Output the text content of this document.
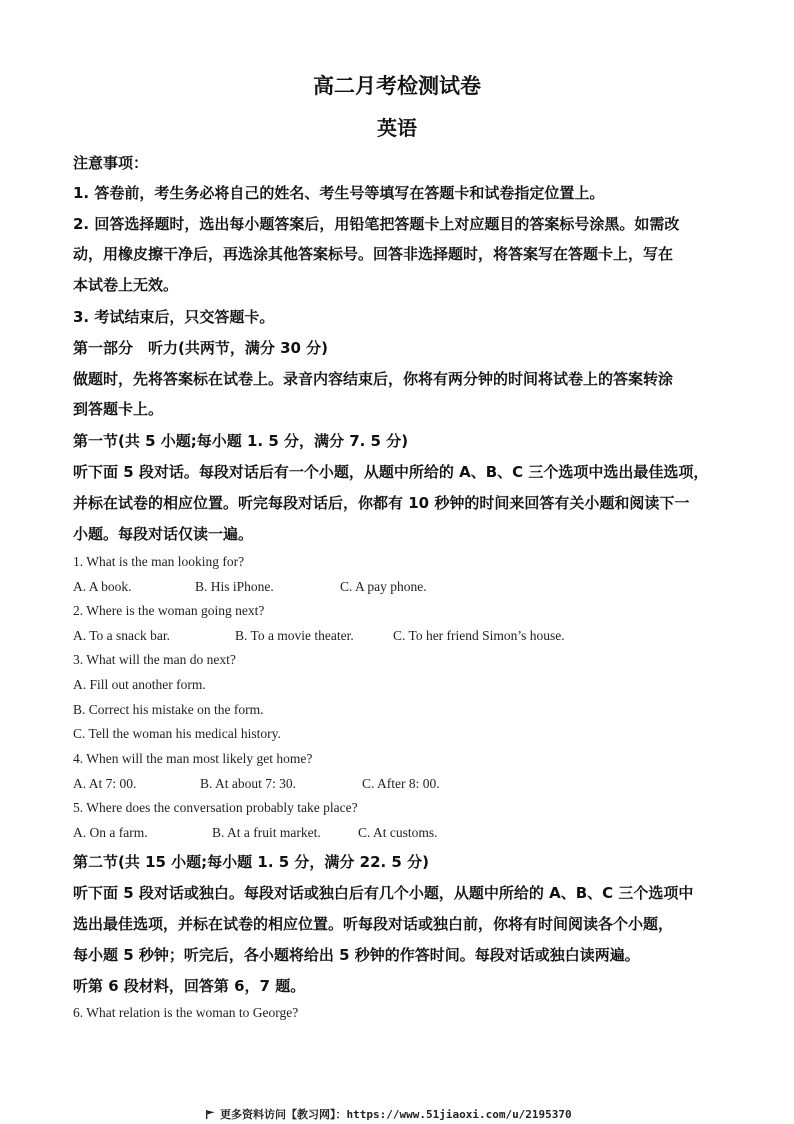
高二月考检测试卷
英语
注意事项：
1. 答卷前，考生务必将自己的姓名、考生号等填写在答题卡和试卷指定位置上。
2. 回答选择题时，选出每小题答案后，用铅笔把答题卡上对应题目的答案标号涂黑。如需改
动，用橡皮擦干净后，再选涂其他答案标号。回答非选择题时，将答案写在答题卡上，写在
本试卷上无效。
3. 考试结束后，只交答题卡。
第一部分　听力(共两节，满分 30 分)
做题时，先将答案标在试卷上。录音内容结束后，你将有两分钟的时间将试卷上的答案转涂
到答题卡上。
第一节(共 5 小题;每小题 1. 5 分，满分 7. 5 分)
听下面 5 段对话。每段对话后有一个小题，从题中所给的 A、B、C 三个选项中选出最佳选项，
并标在试卷的相应位置。听完每段对话后，你都有 10 秒钟的时间来回答有关小题和阅读下一
小题。每段对话仅读一遍。
1. What is the man looking for?
A. A book.	B. His iPhone.	C. A pay phone.
2. Where is the woman going next?
A. To a snack bar.	B. To a movie theater.	C. To her friend Simon’s house.
3. What will the man do next?
A. Fill out another form.
B. Correct his mistake on the form.
C. Tell the woman his medical history.
4. When will the man most likely get home?
A. At 7: 00.	B. At about 7: 30.	C. After 8: 00.
5. Where does the conversation probably take place?
A. On a farm.	B. At a fruit market.	C. At customs.
第二节(共 15 小题;每小题 1. 5 分，满分 22. 5 分)
听下面 5 段对话或独白。每段对话或独白后有几个小题，从题中所给的 A、B、C 三个选项中
选出最佳选项，并标在试卷的相应位置。听每段对话或独白前，你将有时间阅读各个小题，
每小题 5 秒钟；听完后，各小题将给出 5 秒钟的作答时间。每段对话或独白读两遍。
听第 6 段材料，回答第 6，7 题。
6. What relation is the woman to George?
更多资料访问【教习网】：https://www.51jiaoxi.com/u/2195370
